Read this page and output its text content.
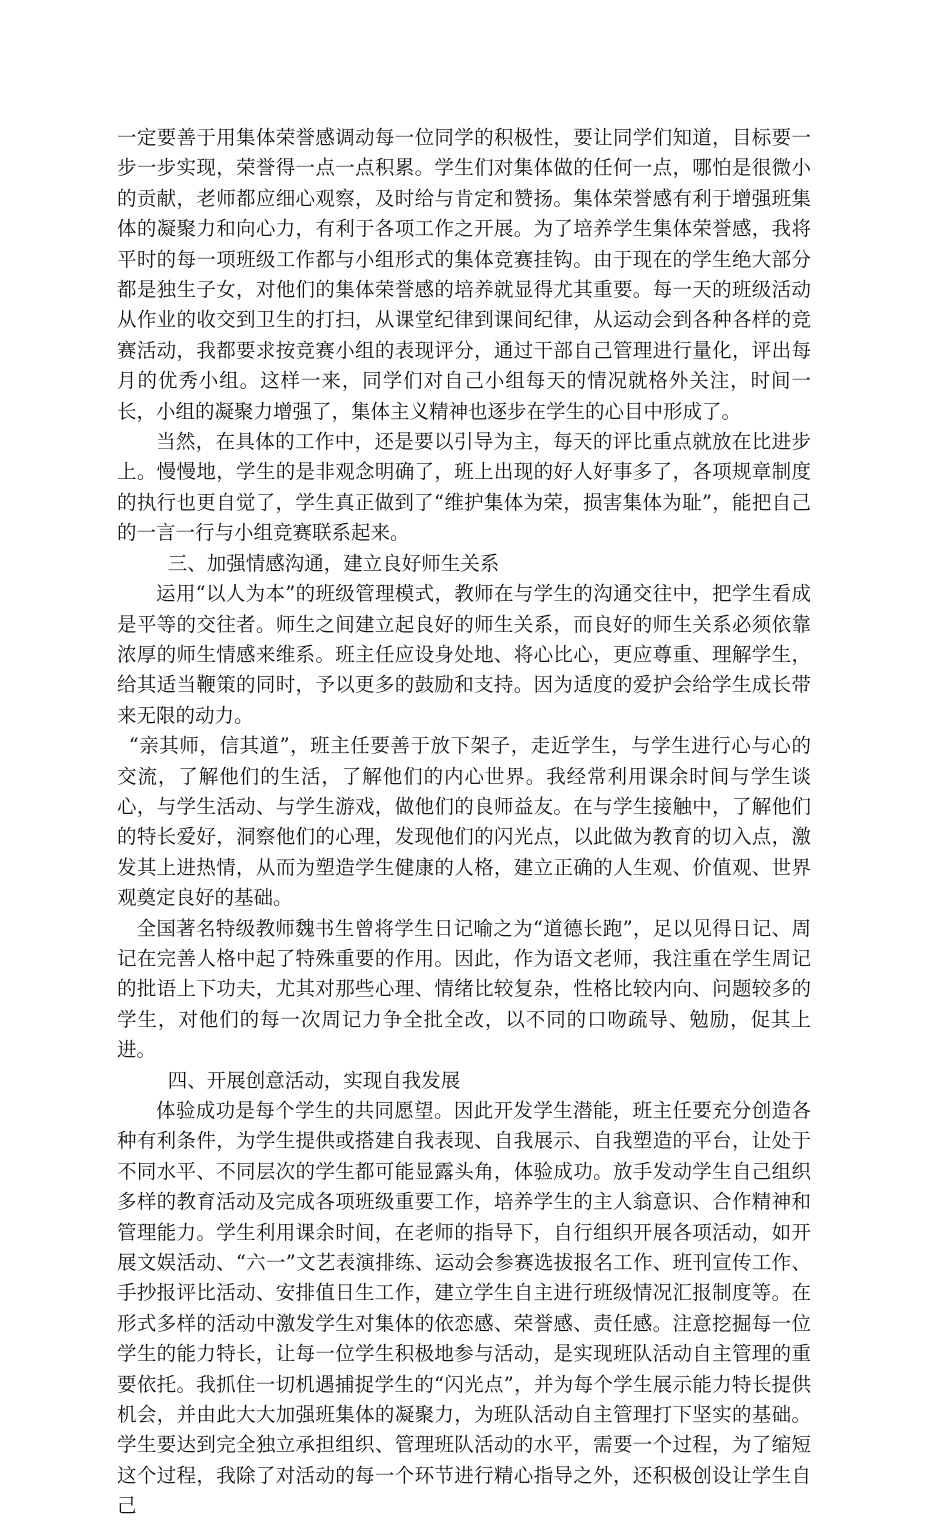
一定要善于用集体荣誉感调动每一位同学的积极性，要让同学们知道，目标要一步一步实现，荣誉得一点一点积累。学生们对集体做的任何一点，哪怕是很微小的贡献，老师都应细心观察，及时给与肯定和赞扬。集体荣誉感有利于增强班集体的凝聚力和向心力，有利于各项工作之开展。为了培养学生集体荣誉感，我将平时的每一项班级工作都与小组形式的集体竞赛挂钩。由于现在的学生绝大部分都是独生子女，对他们的集体荣誉感的培养就显得尤其重要。每一天的班级活动从作业的收交到卫生的打扫，从课堂纪律到课间纪律，从运动会到各种各样的竞赛活动，我都要求按竞赛小组的表现评分，通过干部自己管理进行量化，评出每月的优秀小组。这样一来，同学们对自己小组每天的情况就格外关注，时间一长，小组的凝聚力增强了，集体主义精神也逐步在学生的心目中形成了。

当然，在具体的工作中，还是要以引导为主，每天的评比重点就放在比进步上。慢慢地，学生的是非观念明确了，班上出现的好人好事多了，各项规章制度的执行也更自觉了，学生真正做到了“维护集体为荣，损害集体为耻”，能把自己的一言一行与小组竞赛联系起来。

三、加强情感沟通，建立良好师生关系

运用“以人为本”的班级管理模式，教师在与学生的沟通交往中，把学生看成是平等的交往者。师生之间建立起良好的师生关系，而良好的师生关系必须依靠浓厚的师生情感来维系。班主任应设身处地、将心比心，更应尊重、理解学生，给其适当鞭策的同时，予以更多的鼓励和支持。因为适度的爱护会给学生成长带来无限的动力。

“亲其师，信其道”，班主任要善于放下架子，走近学生，与学生进行心与心的交流，了解他们的生活，了解他们的内心世界。我经常利用课余时间与学生谈心，与学生活动、与学生游戏，做他们的良师益友。在与学生接触中，了解他们的特长爱好，洞察他们的心理，发现他们的闪光点，以此做为教育的切入点，激发其上进热情，从而为塑造学生健康的人格，建立正确的人生观、价值观、世界观奠定良好的基础。

全国著名特级教师魏书生曾将学生日记喻之为“道德长跑”，足以见得日记、周记在完善人格中起了特殊重要的作用。因此，作为语文老师，我注重在学生周记的批语上下功夫，尤其对那些心理、情绪比较复杂，性格比较内向、问题较多的学生，对他们的每一次周记力争全批全改，以不同的口吻疏导、勉励，促其上进。

四、开展创意活动，实现自我发展

体验成功是每个学生的共同愿望。因此开发学生潜能，班主任要充分创造各种有利条件，为学生提供或搭建自我表现、自我展示、自我塑造的平台，让处于不同水平、不同层次的学生都可能显露头角，体验成功。放手发动学生自己组织多样的教育活动及完成各项班级重要工作，培养学生的主人翁意识、合作精神和管理能力。学生利用课余时间，在老师的指导下，自行组织开展各项活动，如开展文娱活动、“六一”文艺表演排练、运动会参赛选拔报名工作、班刊宣传工作、手抄报评比活动、安排值日生工作，建立学生自主进行班级情况汇报制度等。在形式多样的活动中激发学生对集体的依恋感、荣誉感、责任感。注意挖掘每一位学生的能力特长，让每一位学生积极地参与活动，是实现班队活动自主管理的重要依托。我抓住一切机遇捕捉学生的“闪光点”，并为每个学生展示能力特长提供机会，并由此大大加强班集体的凝聚力，为班队活动自主管理打下坚实的基础。学生要达到完全独立承担组织、管理班队活动的水平，需要一个过程，为了缩短这个过程，我除了对活动的每一个环节进行精心指导之外，还积极创设让学生自己
